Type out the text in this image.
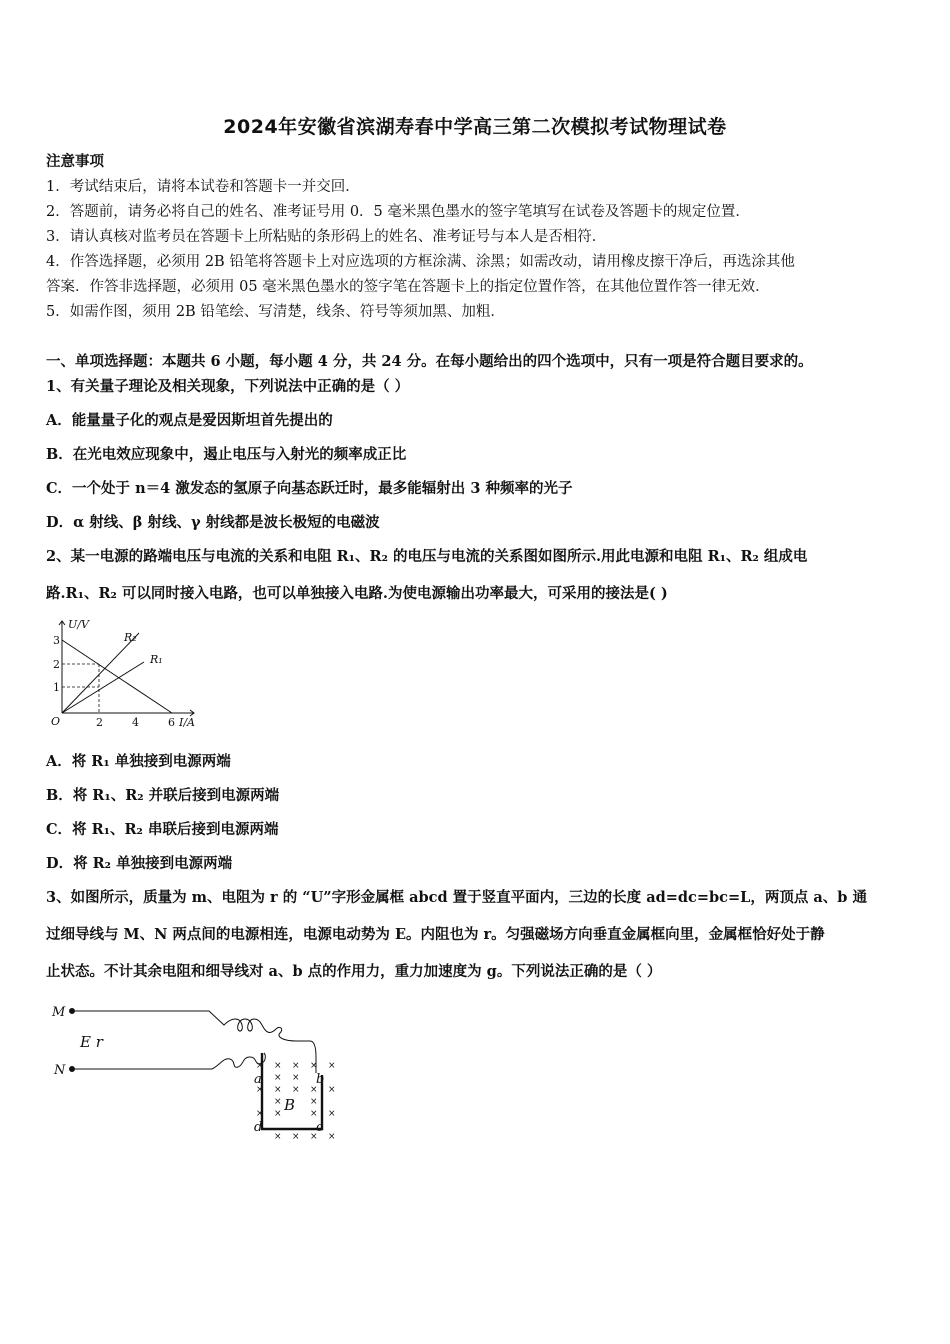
2024年安徽省滨湖寿春中学高三第二次模拟考试物理试卷
注意事项
1．考试结束后，请将本试卷和答题卡一并交回．
2．答题前，请务必将自己的姓名、准考证号用 0．5 毫米黑色墨水的签字笔填写在试卷及答题卡的规定位置．
3．请认真核对监考员在答题卡上所粘贴的条形码上的姓名、准考证号与本人是否相符．
4．作答选择题，必须用 2B 铅笔将答题卡上对应选项的方框涂满、涂黑；如需改动，请用橡皮擦干净后，再选涂其他
答案．作答非选择题，必须用 05 毫米黑色墨水的签字笔在答题卡上的指定位置作答，在其他位置作答一律无效．
5．如需作图，须用 2B 铅笔绘、写清楚，线条、符号等须加黑、加粗．
一、单项选择题：本题共 6 小题，每小题 4 分，共 24 分。在每小题给出的四个选项中，只有一项是符合题目要求的。
1、有关量子理论及相关现象，下列说法中正确的是（ ）
A．能量量子化的观点是爱因斯坦首先提出的
B．在光电效应现象中，遏止电压与入射光的频率成正比
C．一个处于 n＝4 激发态的氢原子向基态跃迁时，最多能辐射出 3 种频率的光子
D．α 射线、β 射线、γ 射线都是波长极短的电磁波
2、某一电源的路端电压与电流的关系和电阻 R₁、R₂ 的电压与电流的关系图如图所示.用此电源和电阻 R₁、R₂ 组成电
路.R₁、R₂ 可以同时接入电路，也可以单独接入电路.为使电源输出功率最大，可采用的接法是( )
U/V
O
1
2
3
2	4	6 I/A
R₂
R₁
A．将 R₁ 单独接到电源两端
B．将 R₁、R₂ 并联后接到电源两端
C．将 R₁、R₂ 串联后接到电源两端
D．将 R₂ 单独接到电源两端
3、如图所示，质量为 m、电阻为 r 的 “U”字形金属框 abcd 置于竖直平面内，三边的长度 ad=dc=bc=L，两顶点 a、b 通
过细导线与 M、N 两点间的电源相连，电源电动势为 E。内阻也为 r。匀强磁场方向垂直金属框向里，金属框恰好处于静
止状态。不计其余电阻和细导线对 a、b 点的作用力，重力加速度为 g。下列说法正确的是（ ）
M
N
E r
a	b
c
d
B
× × × × ×
× × × × ×
× ×	× ×
× × × ×
× ×
×
×
